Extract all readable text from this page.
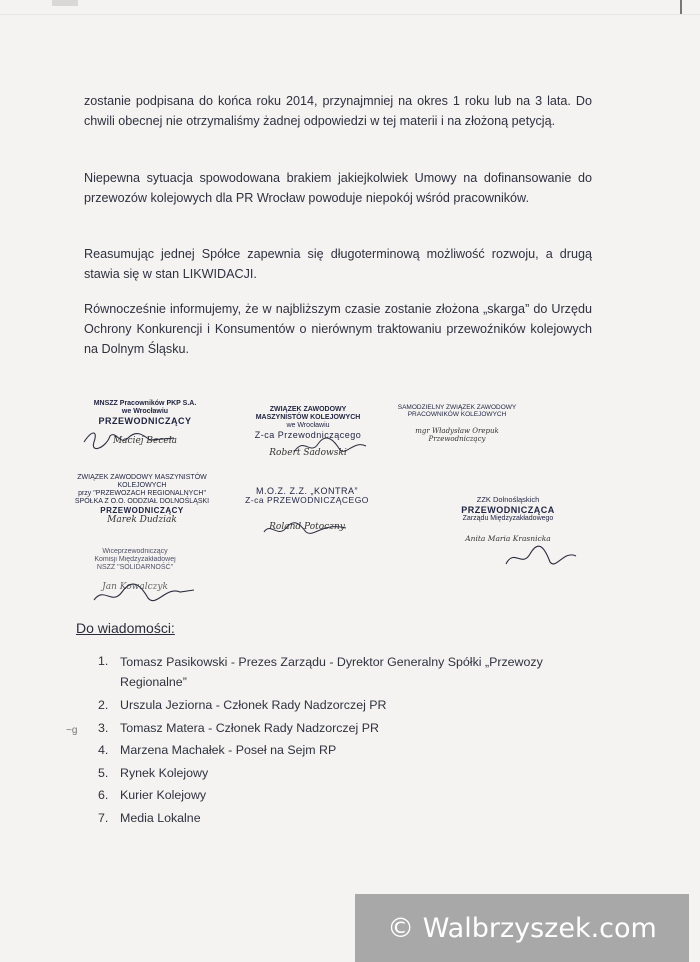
zostanie podpisana do końca roku 2014, przynajmniej na okres 1 roku lub na 3 lata. Do chwili obecnej nie otrzymaliśmy żadnej odpowiedzi w tej materii i na złożoną petycją.

Niepewna sytuacja spowodowana brakiem jakiejkolwiek Umowy na dofinansowanie do przewozów kolejowych dla PR Wrocław powoduje niepokój wśród pracowników.

Reasumując jednej Spółce zapewnia się długoterminową możliwość rozwoju, a drugą stawia się w stan LIKWIDACJI.

Równocześnie informujemy, że w najbliższym czasie zostanie złożona „skarga” do Urzędu Ochrony Konkurencji i Konsumentów o nierównym traktowaniu przewoźników kolejowych na Dolnym Śląsku.

MNSZZ Pracowników PKP S.A.
we Wrocławiu
PRZEWODNICZĄCY
Maciej Beceła
ZWIĄZEK ZAWODOWY
MASZYNISTÓW KOLEJOWYCH
we Wrocławiu
Z-ca Przewodniczącego
Robert Sadowski
SAMODZIELNY ZWIĄZEK ZAWODOWY
PRACOWNIKÓW KOLEJOWYCH
mgr Władysław Orepuk
Przewodniczący
ZWIĄZEK ZAWODOWY MASZYNISTÓW
KOLEJOWYCH
przy "PRZEWOZACH REGIONALNYCH"
SPÓŁKA Z O.O. ODDZIAŁ DOLNOŚLĄSKI
PRZEWODNICZĄCY
Marek Dudziak
M.O.Z. Z.Z. „KONTRA”
Z-ca PRZEWODNICZĄCEGO
Roland Potoczny
ZZK Dolnośląskich
PRZEWODNICZĄCA
Zarządu Międzyzakładowego
Anita Maria Krasnicka
Wiceprzewodniczący
Komisji Międzyzakładowej
NSZZ "SOLIDARNOŚĆ"
Jan Kowalczyk
Do wiadomości:
1. Tomasz Pasikowski - Prezes Zarządu - Dyrektor Generalny Spółki „Przewozy Regionalne”
2. Urszula Jeziorna - Członek Rady Nadzorczej PR
3. Tomasz Matera - Członek Rady Nadzorczej PR
4. Marzena Machałek - Poseł na Sejm RP
5. Rynek Kolejowy
6. Kurier Kolejowy
7. Media Lokalne
~g
© Walbrzyszek.com
